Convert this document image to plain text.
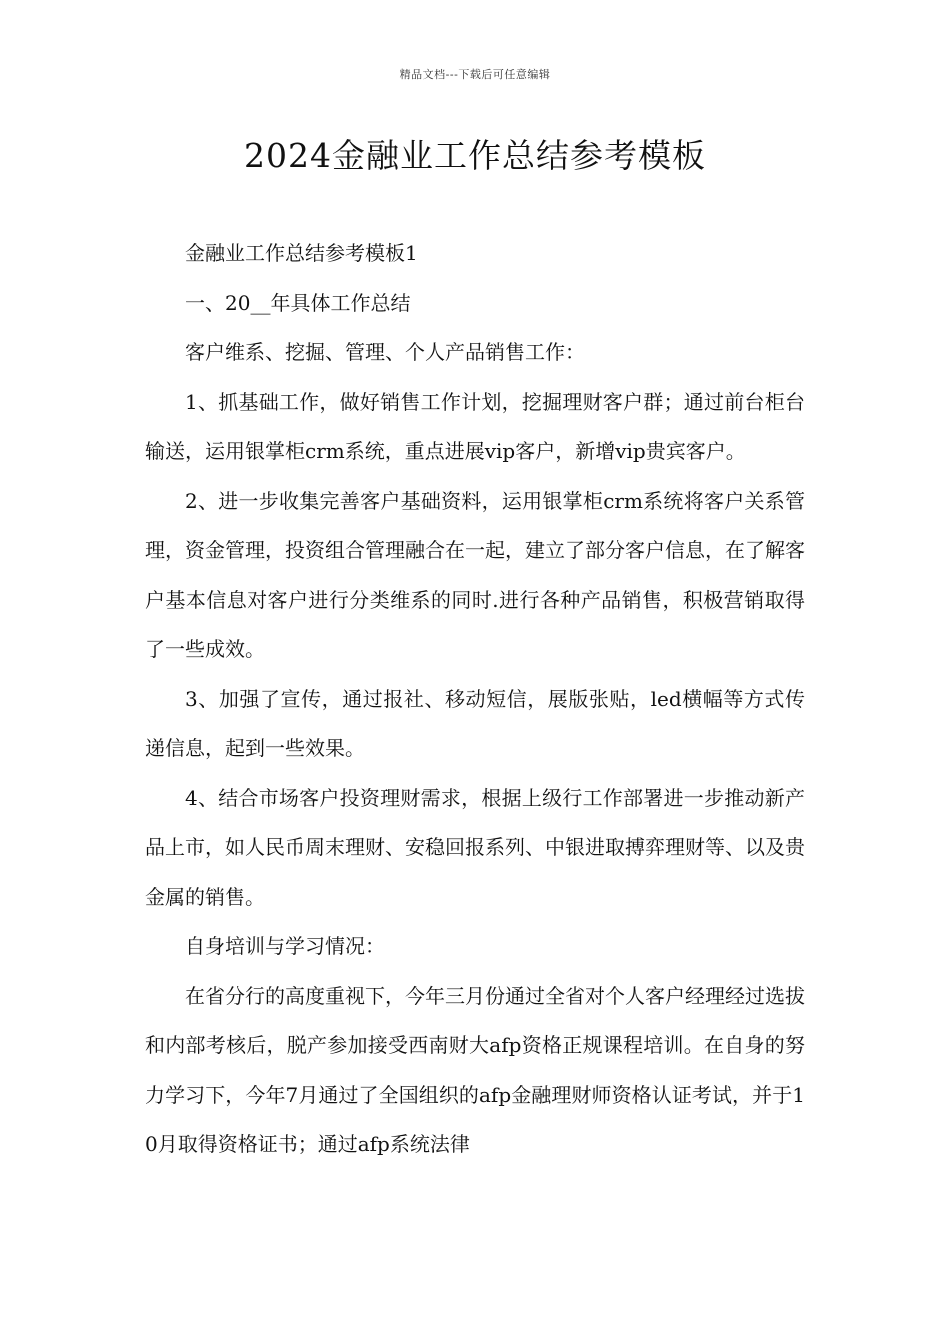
精品文档---下载后可任意编辑
2024金融业工作总结参考模板

金融业工作总结参考模板1

一、20__年具体工作总结

客户维系、挖掘、管理、个人产品销售工作：

1、抓基础工作，做好销售工作计划，挖掘理财客户群；通过前台柜台输送，运用银掌柜crm系统，重点进展vip客户，新增vip贵宾客户。

2、进一步收集完善客户基础资料，运用银掌柜crm系统将客户关系管理，资金管理，投资组合管理融合在一起，建立了部分客户信息，在了解客户基本信息对客户进行分类维系的同时.进行各种产品销售，积极营销取得了一些成效。

3、加强了宣传，通过报社、移动短信，展版张贴，led横幅等方式传递信息，起到一些效果。

4、结合市场客户投资理财需求，根据上级行工作部署进一步推动新产品上市，如人民币周末理财、安稳回报系列、中银进取搏弈理财等、以及贵金属的销售。

自身培训与学习情况：

在省分行的高度重视下，今年三月份通过全省对个人客户经理经过选拔和内部考核后，脱产参加接受西南财大afp资格正规课程培训。在自身的努力学习下，今年7月通过了全国组织的afp金融理财师资格认证考试，并于10月取得资格证书；通过afp系统法律
